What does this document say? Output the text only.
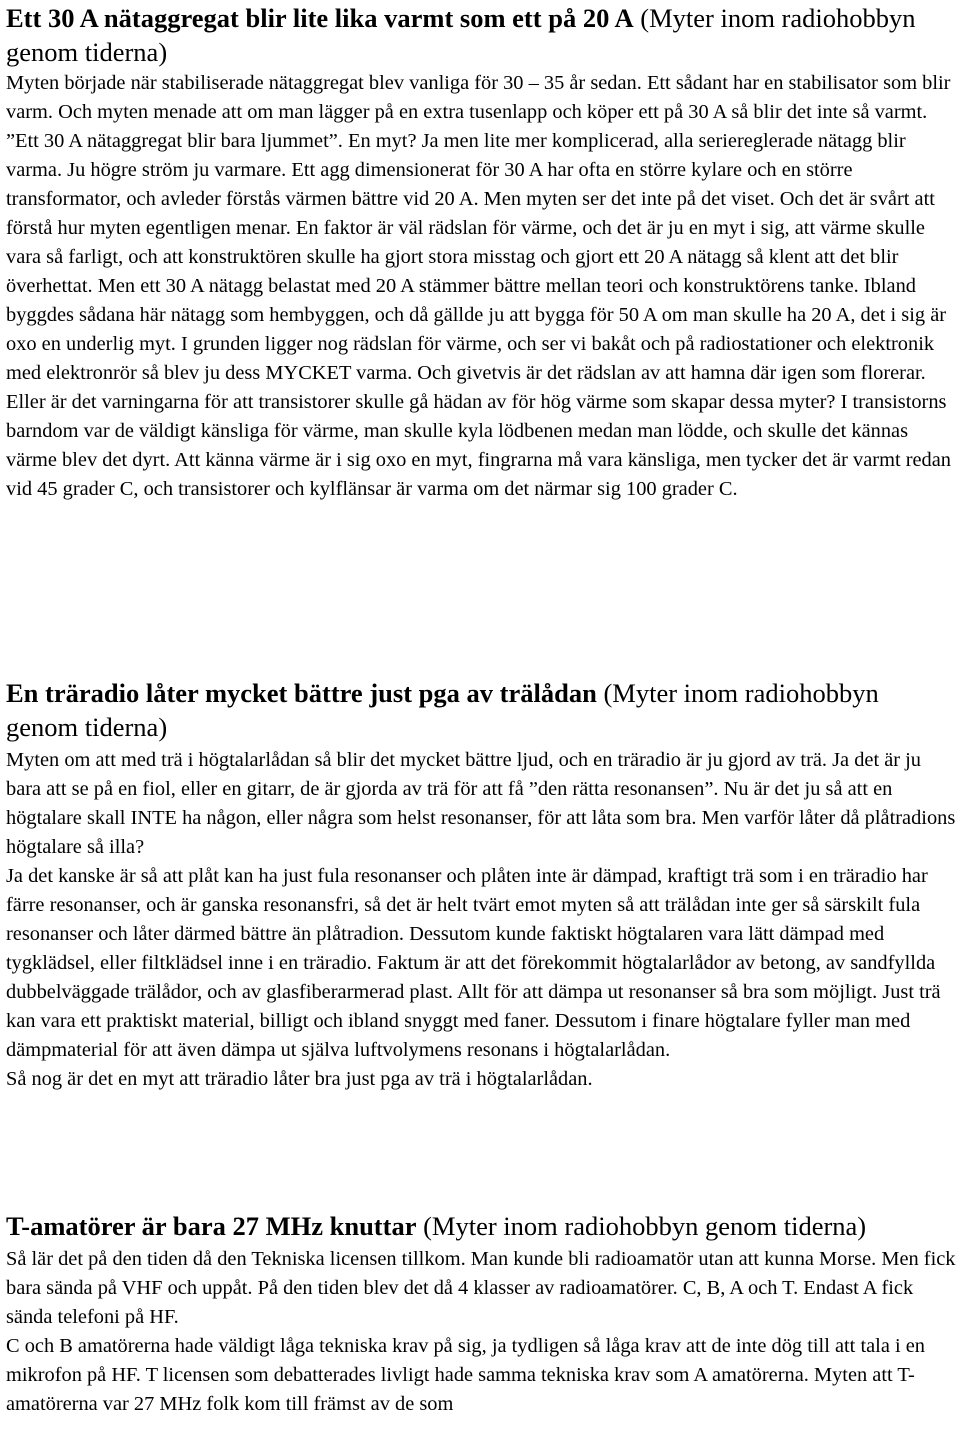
Ett 30 A nätaggregat blir lite lika varmt som ett på 20 A (Myter inom radiohobbyn genom tiderna)

Myten började när stabiliserade nätaggregat blev vanliga för 30 – 35 år sedan. Ett sådant har en stabilisator som blir varm. Och myten menade att om man lägger på en extra tusenlapp och köper ett på 30 A så blir det inte så varmt. ”Ett 30 A nätaggregat blir bara ljummet”. En myt? Ja men lite mer komplicerad, alla seriereglerade nätagg blir varma. Ju högre ström ju varmare. Ett agg dimensionerat för 30 A har ofta en större kylare och en större transformator, och avleder förstås värmen bättre vid 20 A. Men myten ser det inte på det viset. Och det är svårt att förstå hur myten egentligen menar. En faktor är väl rädslan för värme, och det är ju en myt i sig, att värme skulle vara så farligt, och att konstruktören skulle ha gjort stora misstag och gjort ett 20 A nätagg så klent att det blir överhettat. Men ett 30 A nätagg belastat med 20 A stämmer bättre mellan teori och konstruktörens tanke. Ibland byggdes sådana här nätagg som hembyggen, och då gällde ju att bygga för 50 A om man skulle ha 20 A, det i sig är oxo en underlig myt. I grunden ligger nog rädslan för värme, och ser vi bakåt och på radiostationer och elektronik med elektronrör så blev ju dess MYCKET varma. Och givetvis är det rädslan av att hamna där igen som florerar. Eller är det varningarna för att transistorer skulle gå hädan av för hög värme som skapar dessa myter? I transistorns barndom var de väldigt känsliga för värme, man skulle kyla lödbenen medan man lödde, och skulle det kännas värme blev det dyrt. Att känna värme är i sig oxo en myt, fingrarna må vara känsliga, men tycker det är varmt redan vid 45 grader C, och transistorer och kylflänsar är varma om det närmar sig 100 grader C.

En träradio låter mycket bättre just pga av trälådan (Myter inom radiohobbyn genom tiderna)

Myten om att med trä i högtalarlådan så blir det mycket bättre ljud, och en träradio är ju gjord av trä. Ja det är ju bara att se på en fiol, eller en gitarr, de är gjorda av trä för att få ”den rätta resonansen”. Nu är det ju så att en högtalare skall INTE ha någon, eller några som helst resonanser, för att låta som bra. Men varför låter då plåtradions högtalare så illa?

Ja det kanske är så att plåt kan ha just fula resonanser och plåten inte är dämpad, kraftigt trä som i en träradio har färre resonanser, och är ganska resonansfri, så det är helt tvärt emot myten så att trälådan inte ger så särskilt fula resonanser och låter därmed bättre än plåtradion. Dessutom kunde faktiskt högtalaren vara lätt dämpad med tygklädsel, eller filtklädsel inne i en träradio. Faktum är att det förekommit högtalarlådor av betong, av sandfyllda dubbelväggade trälådor, och av glasfiberarmerad plast. Allt för att dämpa ut resonanser så bra som möjligt. Just trä kan vara ett praktiskt material, billigt och ibland snyggt med faner. Dessutom i finare högtalare fyller man med dämpmaterial för att även dämpa ut själva luftvolymens resonans i högtalarlådan.

Så nog är det en myt att träradio låter bra just pga av trä i högtalarlådan.

T-amatörer är bara 27 MHz knuttar (Myter inom radiohobbyn genom tiderna)

Så lär det på den tiden då den Tekniska licensen tillkom. Man kunde bli radioamatör utan att kunna Morse. Men fick bara sända på VHF och uppåt. På den tiden blev det då 4 klasser av radioamatörer. C, B, A och T. Endast A fick sända telefoni på HF.

C och B amatörerna hade väldigt låga tekniska krav på sig, ja tydligen så låga krav att de inte dög till att tala i en mikrofon på HF. T licensen som debatterades livligt hade samma tekniska krav som A amatörerna. Myten att T-amatörerna var 27 MHz folk kom till främst av de som
